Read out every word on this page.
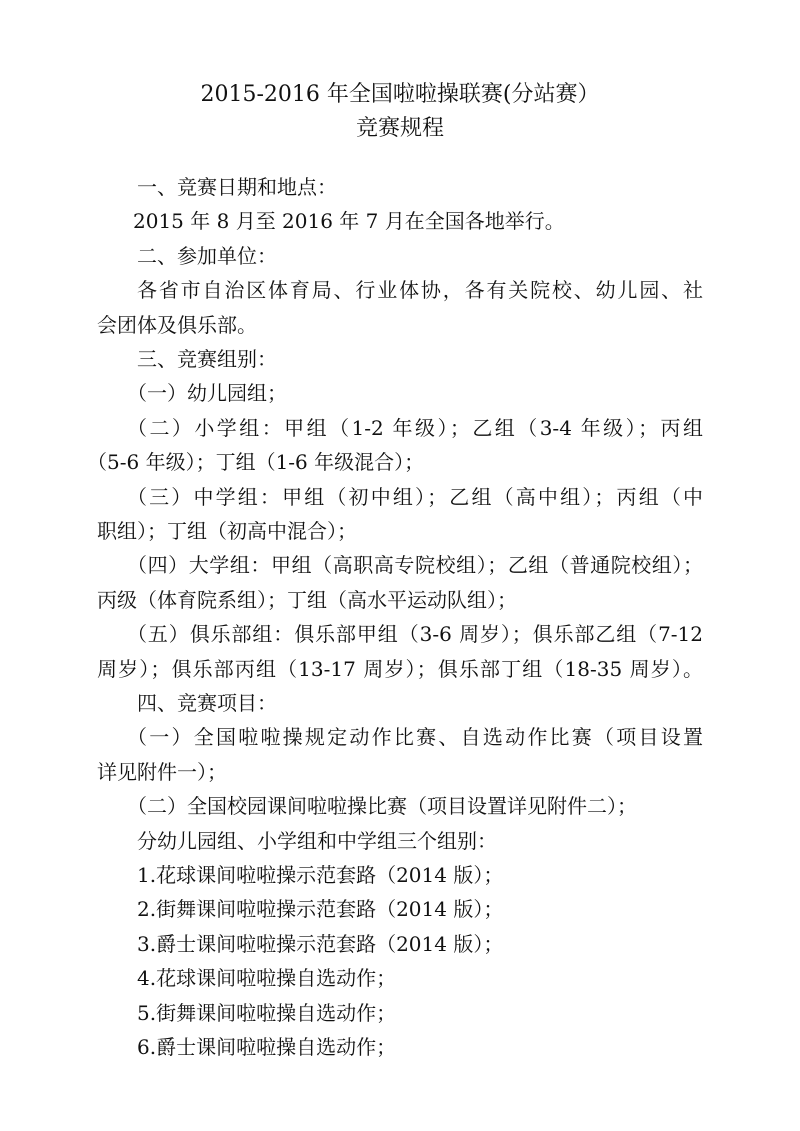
2015-2016 年全国啦啦操联赛(分站赛）
竞赛规程
一、竞赛日期和地点：
2015 年 8 月至 2016 年 7 月在全国各地举行。
二、参加单位：
各省市自治区体育局、行业体协，各有关院校、幼儿园、社
会团体及俱乐部。
三、竞赛组别：
（一）幼儿园组；
（二）小学组：甲组（1-2 年级）；乙组（3-4 年级）；丙组
（5-6 年级）；丁组（1-6 年级混合）；
（三）中学组：甲组（初中组）；乙组（高中组）；丙组（中
职组）；丁组（初高中混合）；
（四）大学组：甲组（高职高专院校组）；乙组（普通院校组）；
丙级（体育院系组）；丁组（高水平运动队组）；
（五）俱乐部组：俱乐部甲组（3-6 周岁）；俱乐部乙组（7-12
周岁）；俱乐部丙组（13-17 周岁）；俱乐部丁组（18-35 周岁）。
四、竞赛项目：
（一）全国啦啦操规定动作比赛、自选动作比赛（项目设置
详见附件一）；
（二）全国校园课间啦啦操比赛（项目设置详见附件二）；
分幼儿园组、小学组和中学组三个组别：
1.花球课间啦啦操示范套路（2014 版）；
2.街舞课间啦啦操示范套路（2014 版）；
3.爵士课间啦啦操示范套路（2014 版）；
4.花球课间啦啦操自选动作；
5.街舞课间啦啦操自选动作；
6.爵士课间啦啦操自选动作；
